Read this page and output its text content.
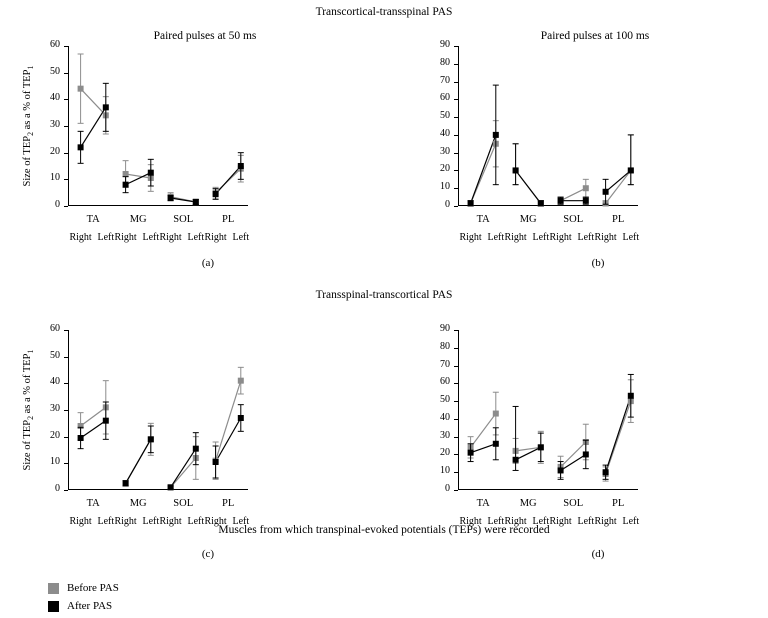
Transcortical-transspinal PAS
Transspinal-transcortical PAS
Paired pulses at 50 ms	Paired pulses at 100 ms
0
10
20
30
40
50
60
Size of $TEP_2$ as a % of $TEP_1$
TA
Right Left
MG
Right Left
SOL
Right Left
PL
Right Left
0
10
20
30
40
50
60
70
80
90
TA
Right Left
MG
Right Left
SOL
Right Left
PL
Right Left
0
10
20
30
40
50
60
Size of $TEP_2$ as a % of $TEP_1$
TA
Right Left
MG
Right Left
SOL
Right Left
PL
Right Left
0
10
20
30
40
50
60
70
80
90
TA
Right Left
MG
Right Left
SOL
Right Left
PL
Right Left
Muscles from which transpinal-evoked potentials (TEPs) were recorded
(a)	(b)
(c)	(d)
Before PAS
After PAS
